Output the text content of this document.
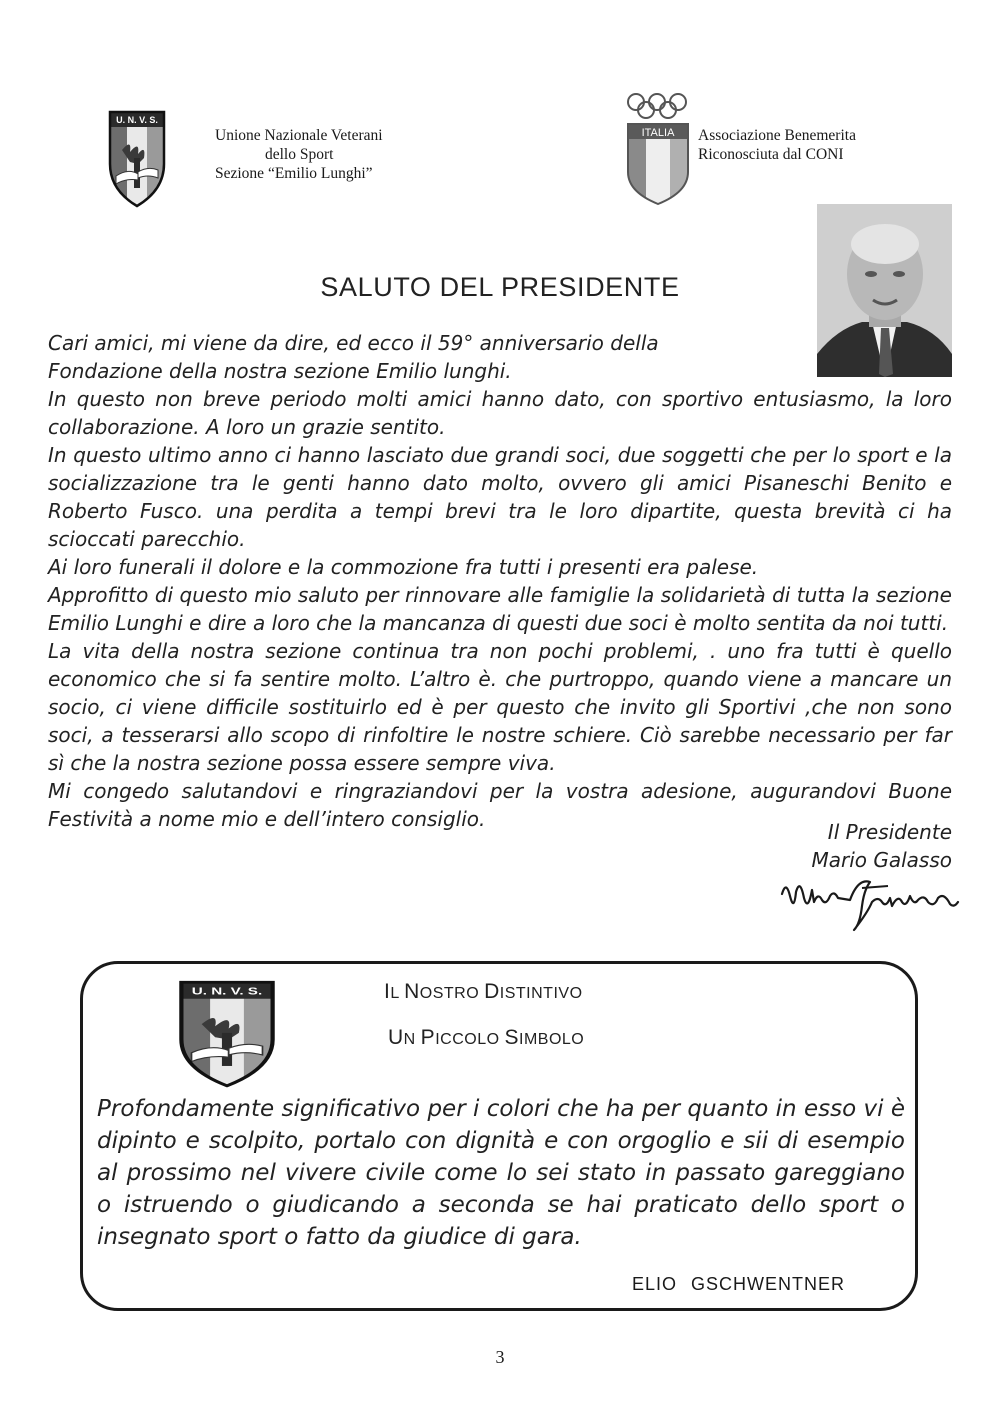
U. N. V. S.
Unione Nazionale Veterani
dello Sport
Sezione “Emilio Lunghi”
ITALIA Associazione Benemerita
Riconosciuta dal CONI
SALUTO DEL PRESIDENTE

Cari amici, mi viene da dire, ed ecco il 59° anniversario della Fondazione della nostra sezione Emilio lunghi.

In questo non breve periodo molti amici hanno dato, con sportivo entusiasmo, la loro collaborazione. A loro un grazie sentito.

In questo ultimo anno ci hanno lasciato due grandi soci, due soggetti che per lo sport e la socializzazione tra le genti hanno dato molto, ovvero gli amici Pisaneschi Benito e Roberto Fusco. una perdita a tempi brevi tra le loro dipartite, questa brevità ci ha scioccati parecchio.

Ai loro funerali il dolore e la commozione fra tutti i presenti era palese.

Approfitto di questo mio saluto per rinnovare alle famiglie la solidarietà di tutta la sezione Emilio Lunghi e dire a loro che la mancanza di questi due soci è molto sentita da noi tutti.

La vita della nostra sezione continua tra non pochi problemi, . uno fra tutti è quello economico che si fa sentire molto. L’altro è. che purtroppo, quando viene a mancare un socio, ci viene difficile sostituirlo ed è per questo che invito gli Sportivi ,che non sono soci, a tesserarsi allo scopo di rinfoltire le nostre schiere. Ciò sarebbe necessario per far sì che la nostra sezione possa essere sempre viva.

Mi congedo salutandovi e ringraziandovi per la vostra adesione, augurandovi Buone Festività a nome mio e dell’intero consiglio.

Il Presidente
Mario Galasso
U. N. V. S.	IL NOSTRO DISTINTIVO
UN PICCOLO SIMBOLO
Profondamente significativo per i colori che ha per quanto in esso vi è dipinto e scolpito, portalo con dignità e con orgoglio e sii di esempio al prossimo nel vivere civile come lo sei stato in passato gareggiano o istruendo o giudicando a seconda se hai praticato dello sport o insegnato sport o fatto da giudice di gara.
ELIO GSCHWENTNER
3
